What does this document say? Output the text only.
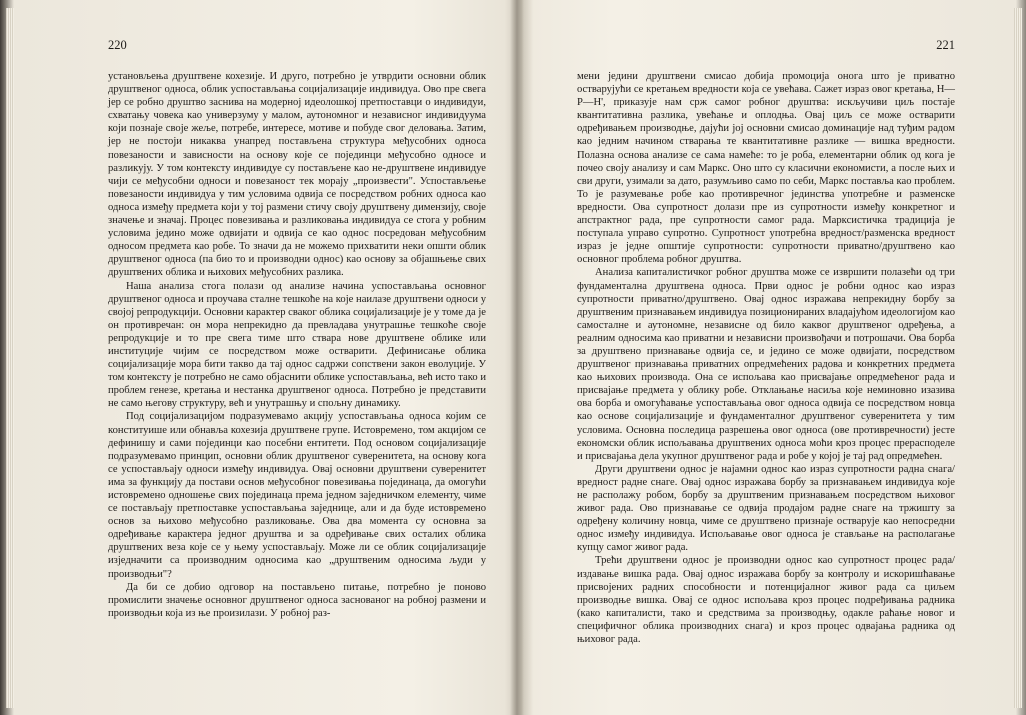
220

установљења друштвене кохезије. И друго, потребно је утврдити основни облик друштвеног односа, облик успостављања социјализације индивидуа. Ово пре свега јер се робно друштво заснива на модерној идеолошкој претпоставци о индивидуи, схватању човека као универзуму у малом, аутономног и независног индивидуума који познаје своје жеље, потребе, интересе, мотиве и побуде свог деловања. Затим, јер не постоји никаква унапред постављена структура међусобних односа повезаности и зависности на основу које се појединци међусобно односе и разликују. У том контексту индивидуе су постављене као не-друштвене индивидуе чији се међусобни односи и повезаност тек морају „произвести". Успостављење повезаности индивидуа у тим условима одвија се посредством робних односа као односа између предмета који у тој размени стичу своју друштвену димензију, своје значење и значај. Процес повезивања и разликовања индивидуа се стога у робним условима једино може одвијати и одвија се као однос посредован међусобним односом предмета као робе. То значи да не можемо прихватити неки општи облик друштвеног односа (па био то и производни однос) као основу за објашњење свих друштвених облика и њихових међусобних разлика.

Наша анализа стога полази од анализе начина успостављања основног друштвеног односа и проучава сталне тешкоће на које наилазе друштвени односи у својој репродукцији. Основни карактер сваког облика социјализације је у томе да је он противречан: он мора непрекидно да превладава унутрашње тешкоће своје репродукције и то пре свега тиме што ствара нове друштвене облике или институције чијим се посредством може остварити. Дефинисање облика социјализације мора бити такво да тај однос садржи сопствени закон еволуције. У том контексту је потребно не само објаснити облике успостављања, већ исто тако и проблем генезе, кретања и нестанка друштвеног односа. Потребно је представити не само његову структуру, већ и унутрашњу и спољну динамику.

Под социјализацијом подразумевамо акцију успостављања односа којим се конституише или обнавља кохезија друштвене групе. Истовремено, том акцијом се дефинишу и сами појединци као посебни ентитети. Под основом социјализације подразумевамо принцип, основни облик друштвеног суверенитета, на основу кога се успостављају односи између индивидуа. Овај основни друштвени суверенитет има за функцију да постави основ међусобног повезивања појединаца, да омогући истовремено одношење свих појединаца према једном заједничком елементу, чиме се постављају претпоставке успостављања заједнице, али и да буде истовремено основ за њихово међусобно разликовање. Ова два момента су основна за одређивање карактера једног друштва и за одређивање свих осталих облика друштвених веза које се у њему успостављају. Може ли се облик социјализације изједначити са производним односима као „друштвеним односима људи у производњи"?

Да би се добио одговор на постављено питање, потребно је поново промислити значење основног друштвеног односа заснованог на робној размени и производњи која из ње произилази. У робној раз-

221

мени једини друштвени смисао добија промоција онога што је приватно остварујући се кретањем вредности која се увећава. Сажет израз овог кретања, Н—Р—Н', приказује нам срж самог робног друштва: искључиви циљ постаје квантитативна разлика, увећање и оплодња. Овај циљ се може остварити одређивањем производње, дајући јој основни смисао доминације над туђим радом као једним начином стварања те квантитативне разлике — вишка вредности. Полазна основа анализе се сама намеће: то је роба, елементарни облик од кога је почео своју анализу и сам Маркс. Оно што су класични економисти, а после њих и сви други, узимали за дато, разумљиво само по себи, Маркс поставља као проблем. То је разумевање робе као противречног јединства употребне и разменске вредности. Ова супротност долази пре из супротности између конкретног и апстрактног рада, пре супротности самог рада. Марксистичка традиција је поступала управо супротно. Супротност употребна вредност/разменска вредност израз је једне општије супротности: супротности приватно/друштвено као основног проблема робног друштва.

Анализа капиталистичког робног друштва може се извршити полазећи од три фундаментална друштвена односа. Први однос је робни однос као израз супротности приватно/друштвено. Овај однос изражава непрекидну борбу за друштвеним признавањем индивидуа позиционираних владајућом идеологијом као самосталне и аутономне, независне од било каквог друштвеног одређења, а реалним односима као приватни и независни произвођачи и потрошачи. Ова борба за друштвено признавање одвија се, и једино се може одвијати, посредством друштвеног признавања приватних опредмећених радова и конкретних предмета као њихових производа. Она се испољава као присвајање опредмећеног рада и присвајање предмета у облику робе. Отклањање насиља које неминовно изазива ова борба и омогућавање успостављања овог односа одвија се посредством новца као основе социјализације и фундаменталног друштвеног суверенитета у тим условима. Основна последица разрешења овог односа (ове противречности) јесте економски облик испољавања друштвених односа моћи кроз процес прерасподеле и присвајања дела укупног друштвеног рада и робе у којој је тај рад опредмећен.

Други друштвени однос је најамни однос као израз супротности радна снага/вредност радне снаге. Овај однос изражава борбу за признавањем индивидуа које не располажу робом, борбу за друштвеним признавањем посредством њиховог живог рада. Ово признавање се одвија продајом радне снаге на тржишту за одређену количину новца, чиме се друштвено признаје остварује као непосредни однос између индивидуа. Испољавање овог односа је стављање на располагање купцу самог живог рада.

Трећи друштвени однос је производни однос као супротност процес рада/издавање вишка рада. Овај однос изражава борбу за контролу и искоришћавање присвојених радних способности и потенцијалног живог рада са циљем производње вишка. Овај се однос испољава кроз процес подређивања радника (како капиталисти, тако и средствима за производњу, одакле раћање новог и специфичног облика производних снага) и кроз процес одвајања радника од њиховог рада.
